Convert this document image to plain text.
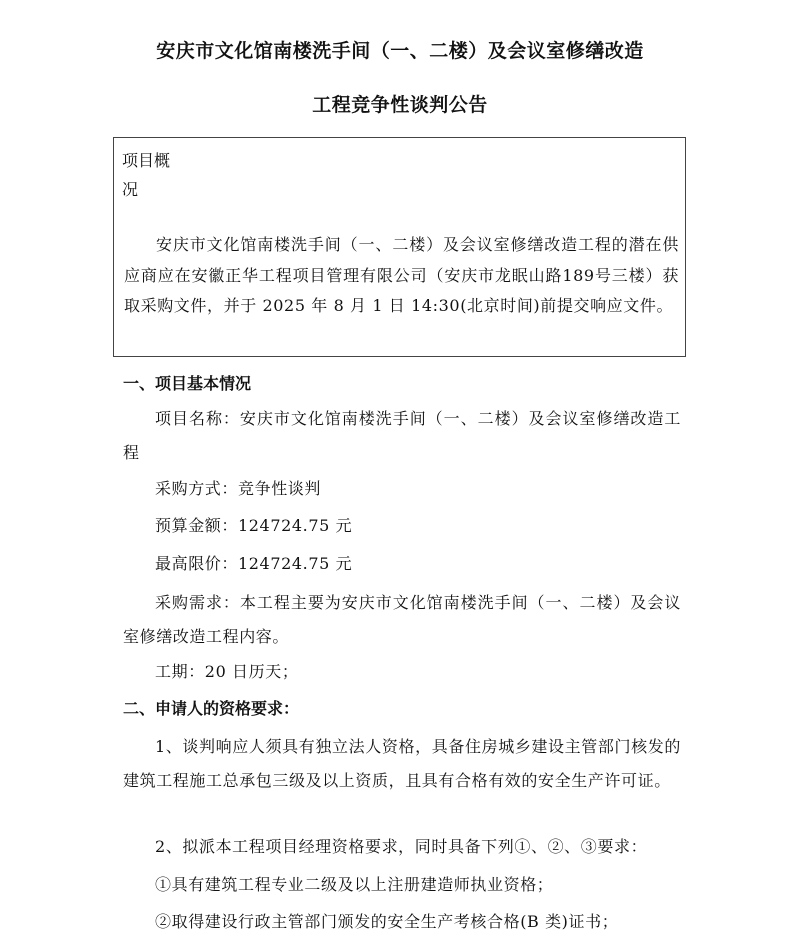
安庆市文化馆南楼洗手间（一、二楼）及会议室修缮改造
工程竞争性谈判公告
项目概况
安庆市文化馆南楼洗手间（一、二楼）及会议室修缮改造工程的潜在供应商应在安徽正华工程项目管理有限公司（安庆市龙眠山路189号三楼）获取采购文件，并于 2025 年 8 月 1 日 14:30(北京时间)前提交响应文件。
一、项目基本情况
项目名称：安庆市文化馆南楼洗手间（一、二楼）及会议室修缮改造工程
采购方式：竞争性谈判
预算金额：124724.75 元
最高限价：124724.75 元
采购需求：本工程主要为安庆市文化馆南楼洗手间（一、二楼）及会议室修缮改造工程内容。
工期：20 日历天；
二、申请人的资格要求：
1、谈判响应人须具有独立法人资格，具备住房城乡建设主管部门核发的建筑工程施工总承包三级及以上资质，且具有合格有效的安全生产许可证。
2、拟派本工程项目经理资格要求，同时具备下列①、②、③要求：
①具有建筑工程专业二级及以上注册建造师执业资格；
②取得建设行政主管部门颁发的安全生产考核合格(B 类)证书；
